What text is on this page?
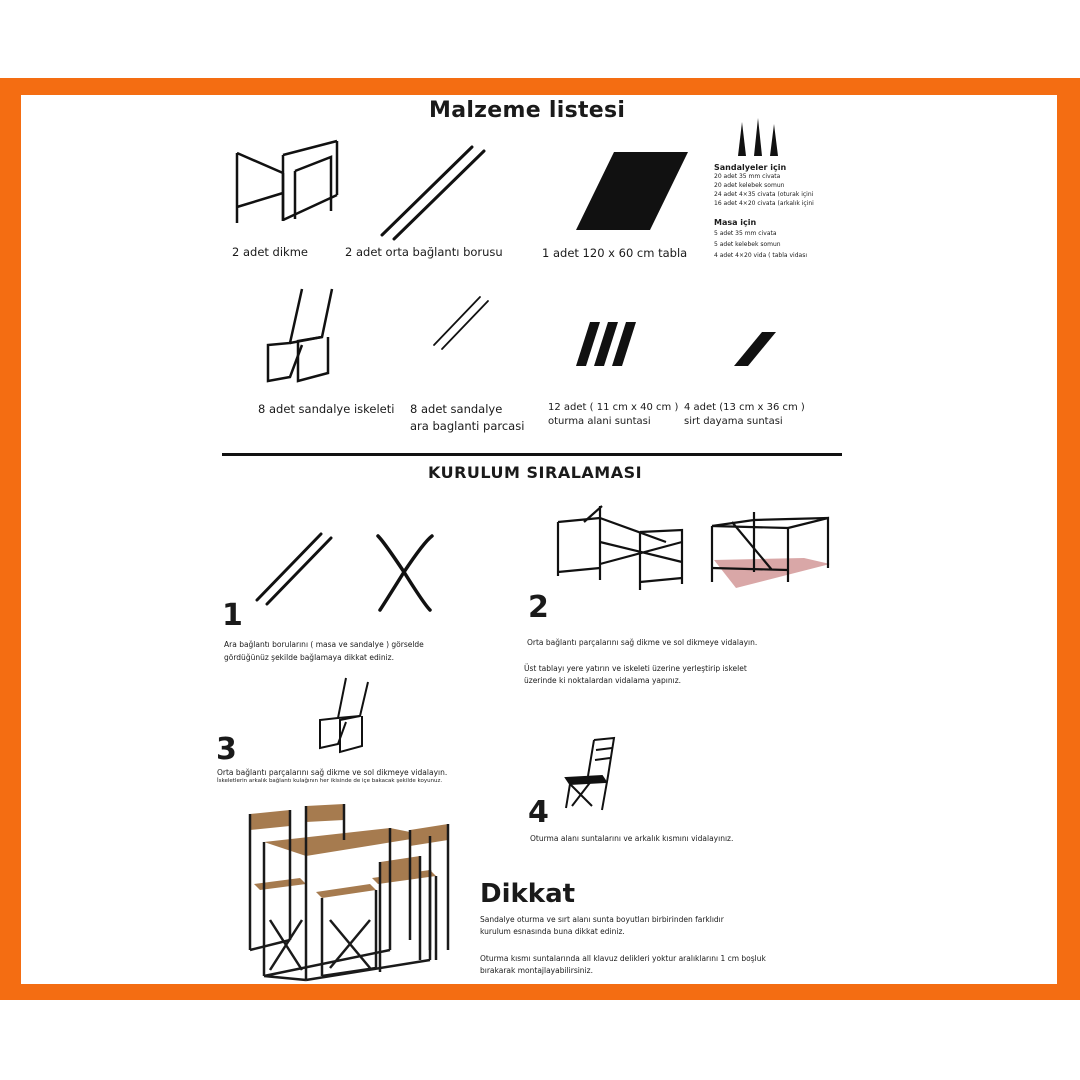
Malzeme listesi
2 adet dikme	2 adet orta bağlantı borusu	1 adet 120 x 60 cm tabla
Sandalyeler için
20 adet 35 mm civata
20 adet kelebek somun
24 adet 4×35 civata (oturak içini
16 adet 4×20 civata (arkalık içini
Masa için
5 adet 35 mm civata
5 adet kelebek somun
4 adet 4×20 vida ( tabla vidası
8 adet sandalye iskeleti 8 adet sandalye
ara baglanti parcasi
12 adet ( 11 cm x 40 cm )
oturma alani suntasi
4 adet (13 cm x 36 cm )
sirt dayama suntasi
KURULUM SIRALAMASI
1
Ara bağlantı borularını ( masa ve sandalye ) görselde
gördüğünüz şekilde bağlamaya dikkat ediniz.
2
Orta bağlantı parçalarını sağ dikme ve sol dikmeye vidalayın.
Üst tablayı yere yatırın ve iskeleti üzerine yerleştirip iskelet
üzerinde ki noktalardan vidalama yapınız.
3
Orta bağlantı parçalarını sağ dikme ve sol dikmeye vidalayın.
İskeletlerin arkalık bağlantı kulağının her ikisinde de içe bakacak şekilde koyunuz.
4
Oturma alanı suntalarını ve arkalık kısmını vidalayınız.
Dikkat
Sandalye oturma ve sırt alanı sunta boyutları birbirinden farklıdır
kurulum esnasında buna dikkat ediniz.
Oturma kısmı suntalarında all klavuz delikleri yoktur aralıklarını 1 cm boşluk
bırakarak montajlayabilirsiniz.
